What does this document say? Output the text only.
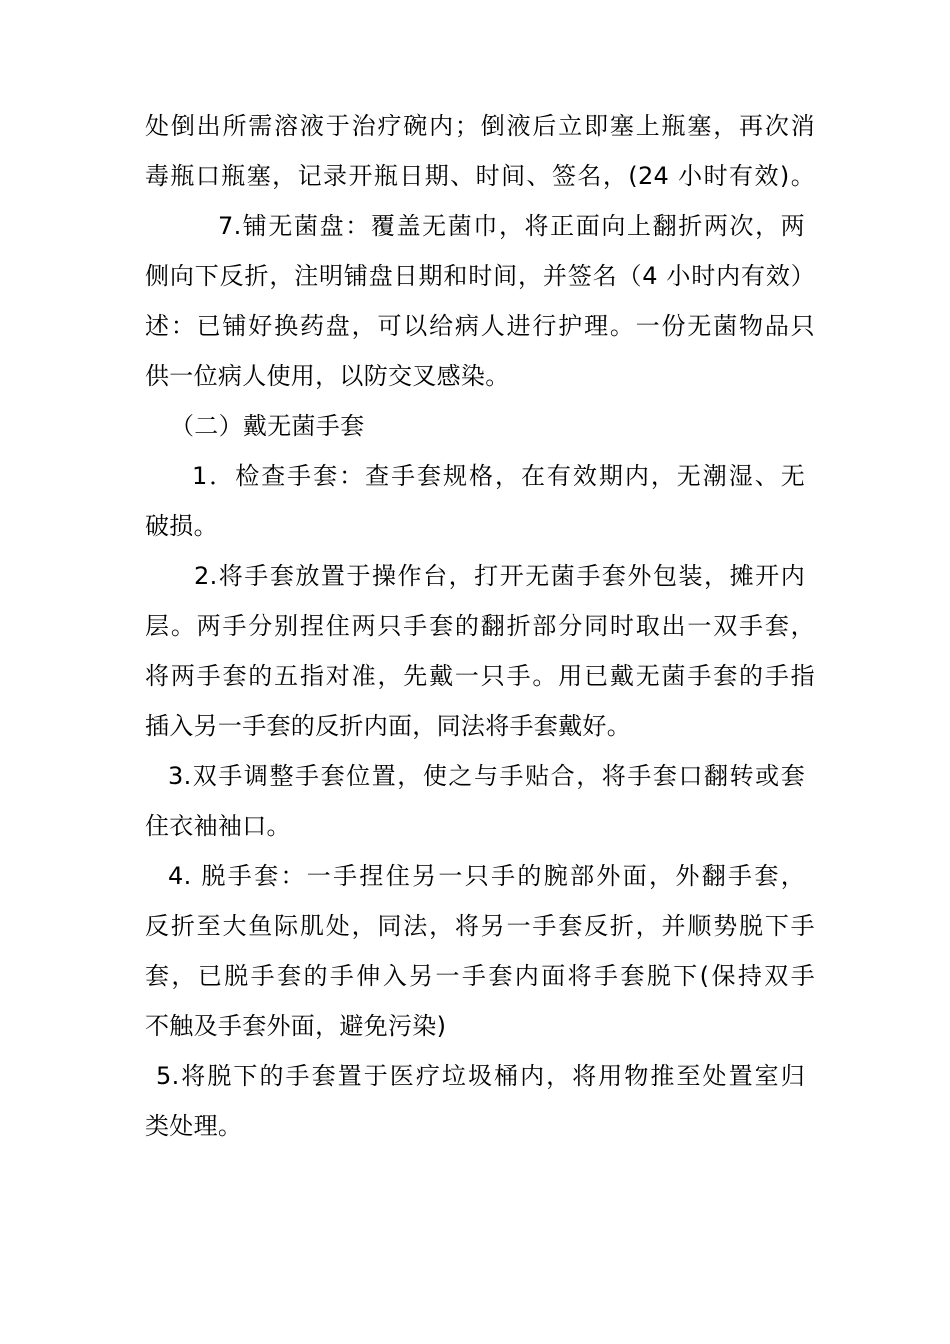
处倒出所需溶液于治疗碗内；倒液后立即塞上瓶塞，再次消
毒瓶口瓶塞，记录开瓶日期、时间、签名，(24 小时有效)。
7.铺无菌盘：覆盖无菌巾，将正面向上翻折两次，两
侧向下反折，注明铺盘日期和时间，并签名（4 小时内有效）
述：已铺好换药盘，可以给病人进行护理。一份无菌物品只
供一位病人使用，以防交叉感染。
（二）戴无菌手套
1．检查手套：查手套规格，在有效期内，无潮湿、无
破损。
2.将手套放置于操作台，打开无菌手套外包装，摊开内
层。两手分别捏住两只手套的翻折部分同时取出一双手套，
将两手套的五指对准，先戴一只手。用已戴无菌手套的手指
插入另一手套的反折内面，同法将手套戴好。
3.双手调整手套位置，使之与手贴合，将手套口翻转或套
住衣袖袖口。
4. 脱手套：一手捏住另一只手的腕部外面，外翻手套，
反折至大鱼际肌处，同法，将另一手套反折，并顺势脱下手
套，已脱手套的手伸入另一手套内面将手套脱下(保持双手
不触及手套外面，避免污染)
5.将脱下的手套置于医疗垃圾桶内，将用物推至处置室归
类处理。
